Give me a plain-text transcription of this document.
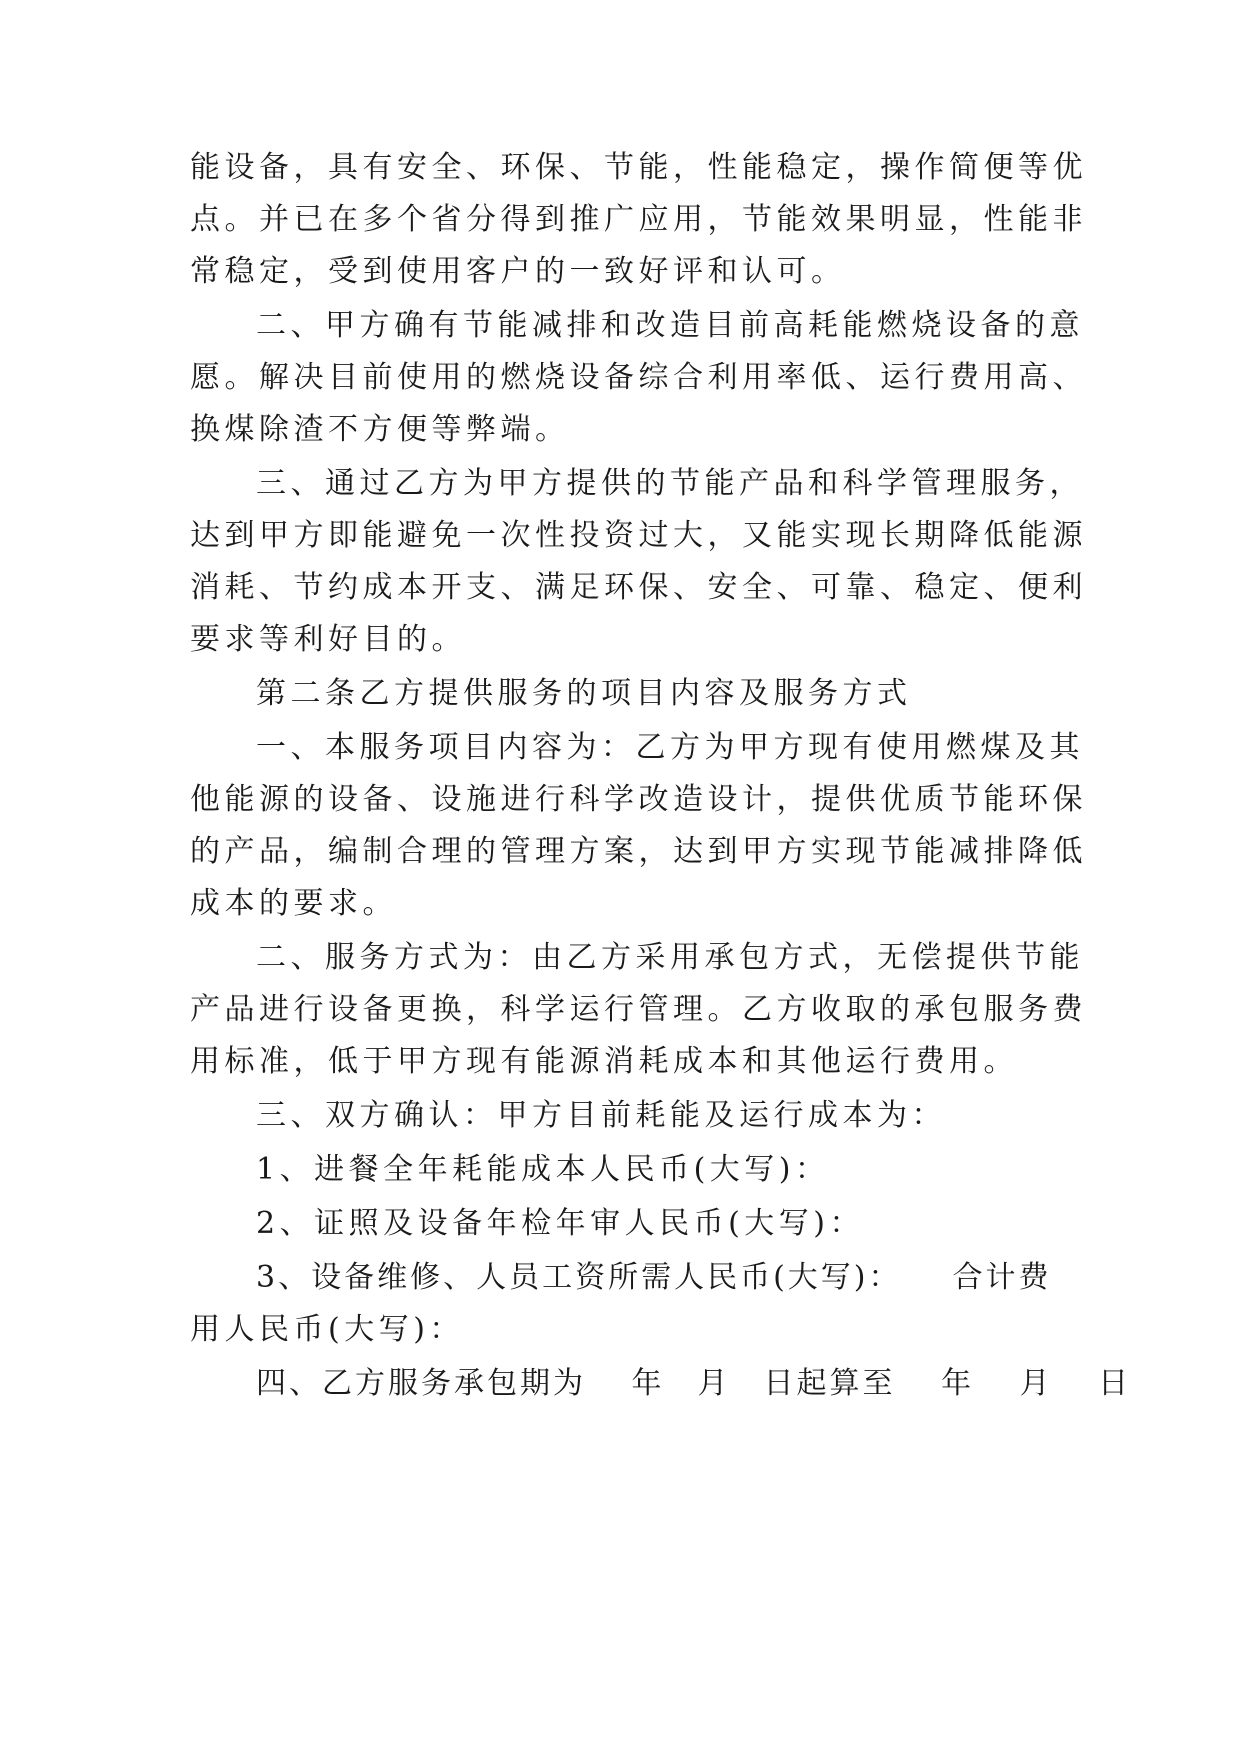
能设备，具有安全、环保、节能，性能稳定，操作简便等优
点。并已在多个省分得到推广应用，节能效果明显，性能非
常稳定，受到使用客户的一致好评和认可。
二、甲方确有节能减排和改造目前高耗能燃烧设备的意
愿。解决目前使用的燃烧设备综合利用率低、运行费用高、
换煤除渣不方便等弊端。
三、通过乙方为甲方提供的节能产品和科学管理服务，
达到甲方即能避免一次性投资过大，又能实现长期降低能源
消耗、节约成本开支、满足环保、安全、可靠、稳定、便利
要求等利好目的。
第二条乙方提供服务的项目内容及服务方式
一、本服务项目内容为：乙方为甲方现有使用燃煤及其
他能源的设备、设施进行科学改造设计，提供优质节能环保
的产品，编制合理的管理方案，达到甲方实现节能减排降低
成本的要求。
二、服务方式为：由乙方采用承包方式，无偿提供节能
产品进行设备更换，科学运行管理。乙方收取的承包服务费
用标准，低于甲方现有能源消耗成本和其他运行费用。
三、双方确认：甲方目前耗能及运行成本为：
1、进餐全年耗能成本人民币(大写)：
2、证照及设备年检年审人民币(大写)：
3、设备维修、人员工资所需人民币(大写)：　　合计费
用人民币(大写)：
四、乙方服务承包期为　 年　月　日起算至　 年　 月　 日
